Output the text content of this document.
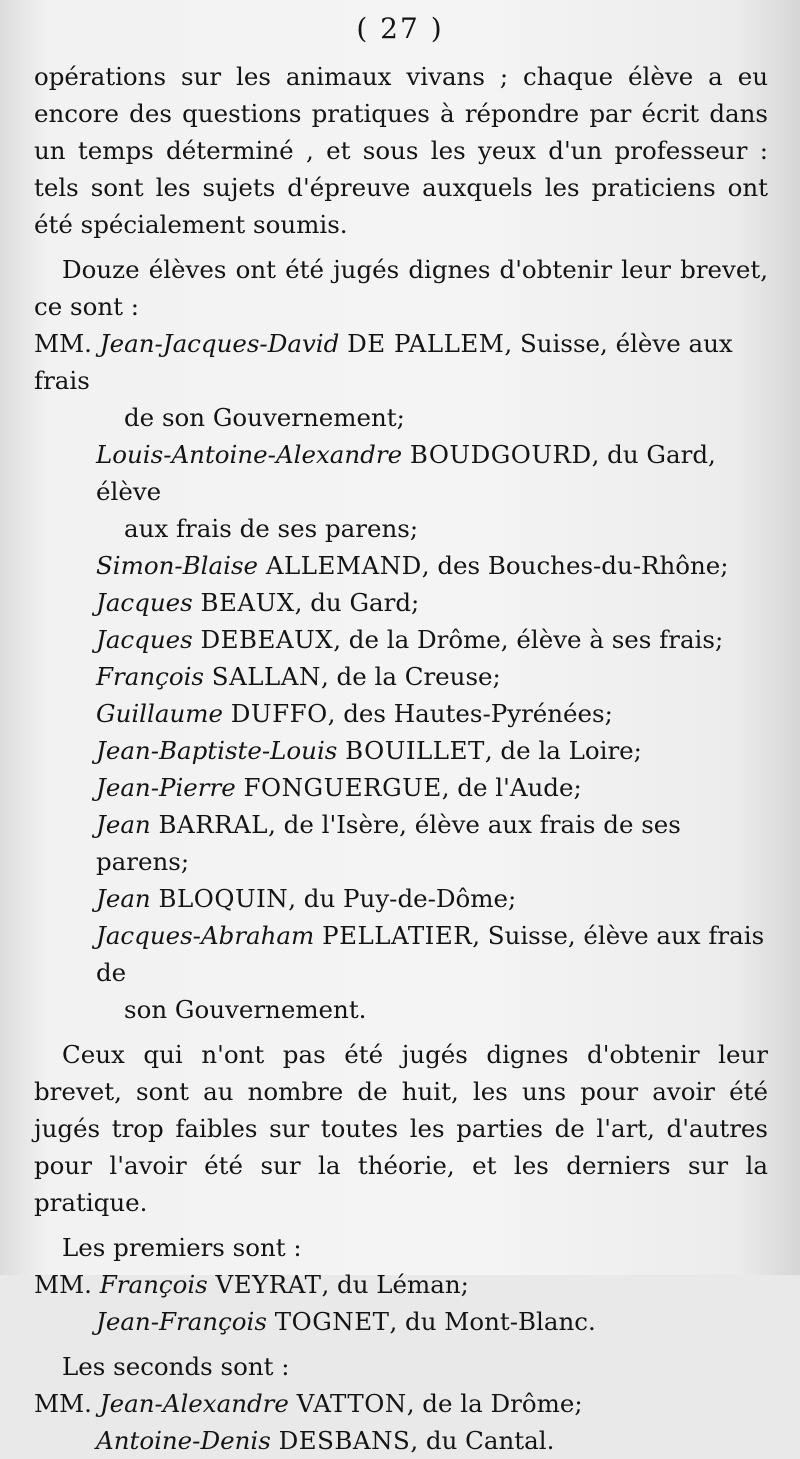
( 27 )

opérations sur les animaux vivans ; chaque élève a eu encore des questions pratiques à répondre par écrit dans un temps déterminé , et sous les yeux d'un professeur : tels sont les sujets d'épreuve auxquels les praticiens ont été spécialement soumis.

Douze élèves ont été jugés dignes d'obtenir leur brevet, ce sont :

MM. Jean-Jacques-David DE PALLEM, Suisse, élève aux frais
de son Gouvernement;
Louis-Antoine-Alexandre BOUDGOURD, du Gard, élève
aux frais de ses parens;
Simon-Blaise ALLEMAND, des Bouches-du-Rhône;
Jacques BEAUX, du Gard;
Jacques DEBEAUX, de la Drôme, élève à ses frais;
François SALLAN, de la Creuse;
Guillaume DUFFO, des Hautes-Pyrénées;
Jean-Baptiste-Louis BOUILLET, de la Loire;
Jean-Pierre FONGUERGUE, de l'Aude;
Jean BARRAL, de l'Isère, élève aux frais de ses parens;
Jean BLOQUIN, du Puy-de-Dôme;
Jacques-Abraham PELLATIER, Suisse, élève aux frais de
son Gouvernement.

Ceux qui n'ont pas été jugés dignes d'obtenir leur brevet, sont au nombre de huit, les uns pour avoir été jugés trop faibles sur toutes les parties de l'art, d'autres pour l'avoir été sur la théorie, et les derniers sur la pratique.

Les premiers sont :

MM. François VEYRAT, du Léman;
Jean-François TOGNET, du Mont-Blanc.

Les seconds sont :

MM. Jean-Alexandre VATTON, de la Drôme;
Antoine-Denis DESBANS, du Cantal.
